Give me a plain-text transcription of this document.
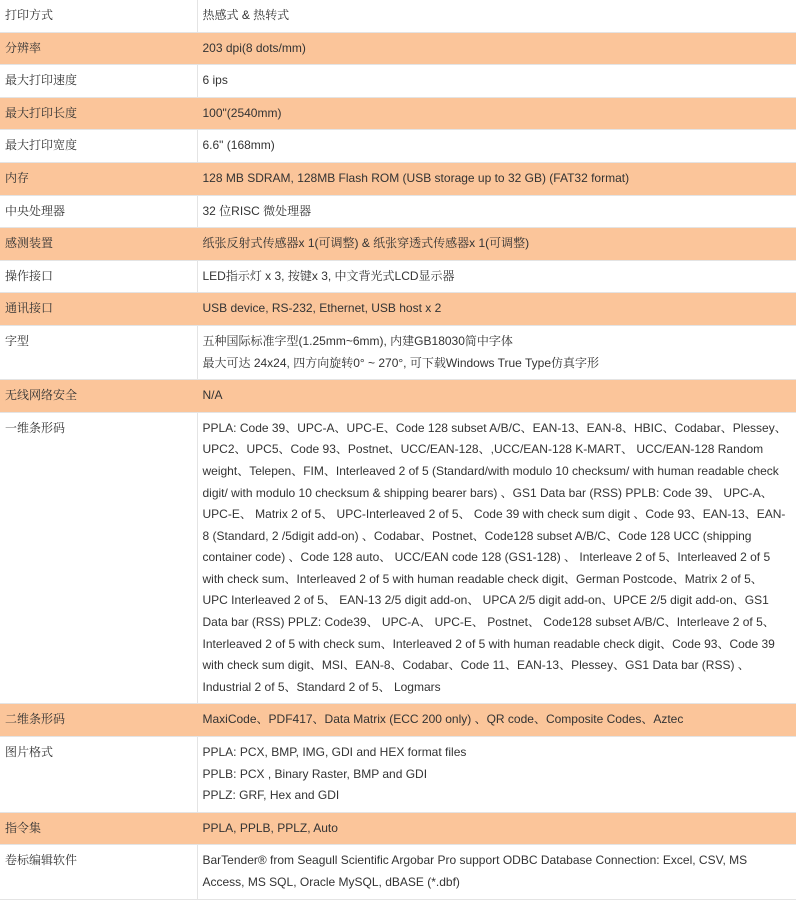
打印方式	热感式 & 热转式

分辨率	203 dpi(8 dots/mm)

最大打印速度	6 ips

最大打印长度	100"(2540mm)

最大打印宽度	6.6" (168mm)

内存	128 MB SDRAM, 128MB Flash ROM (USB storage up to 32 GB) (FAT32 format)

中央处理器	32 位RISC 微处理器

感测装置	纸张反射式传感器x 1(可调整) & 纸张穿透式传感器x 1(可调整)

操作接口	LED指示灯 x 3, 按键x 3, 中文背光式LCD显示器

通讯接口	USB device, RS-232, Ethernet, USB host x 2

字型	五种国际标准字型(1.25mm~6mm), 内建GB18030简中字体
最大可达 24x24, 四方向旋转0° ~ 270°, 可下载Windows True Type仿真字形

无线网络安全	N/A

一维条形码	PPLA: Code 39、UPC-A、UPC-E、Code 128 subset A/B/C、EAN-13、EAN-8、HBIC、Codabar、Plessey、UPC2、UPC5、Code 93、Postnet、UCC/EAN-128、,UCC/EAN-128 K-MART、 UCC/EAN-128 Random weight、Telepen、FIM、Interleaved 2 of 5 (Standard/with modulo 10 checksum/ with human readable check digit/ with modulo 10 checksum & shipping bearer bars) 、GS1 Data bar (RSS) PPLB: Code 39、 UPC-A、 UPC-E、 Matrix 2 of 5、 UPC-Interleaved 2 of 5、 Code 39 with check sum digit 、Code 93、EAN-13、EAN-8 (Standard, 2 /5digit add-on) 、Codabar、Postnet、Code128 subset A/B/C、Code 128 UCC (shipping container code) 、Code 128 auto、 UCC/EAN code 128 (GS1-128) 、 Interleave 2 of 5、Interleaved 2 of 5 with check sum、Interleaved 2 of 5 with human readable check digit、German Postcode、Matrix 2 of 5、 UPC Interleaved 2 of 5、 EAN-13 2/5 digit add-on、 UPCA 2/5 digit add-on、UPCE 2/5 digit add-on、GS1 Data bar (RSS) PPLZ: Code39、 UPC-A、 UPC-E、 Postnet、 Code128 subset A/B/C、Interleave 2 of 5、Interleaved 2 of 5 with check sum、Interleaved 2 of 5 with human readable check digit、Code 93、Code 39 with check sum digit、MSI、EAN-8、Codabar、Code 11、EAN-13、Plessey、GS1 Data bar (RSS) 、 Industrial 2 of 5、Standard 2 of 5、 Logmars

二维条形码	MaxiCode、PDF417、Data Matrix (ECC 200 only) 、QR code、Composite Codes、Aztec

图片格式	PPLA: PCX, BMP, IMG, GDI and HEX format files
PPLB: PCX , Binary Raster, BMP and GDI
PPLZ: GRF, Hex and GDI

指令集	PPLA, PPLB, PPLZ, Auto

卷标编辑软件	BarTender® from Seagull Scientific Argobar Pro support ODBC Database Connection: Excel, CSV, MS Access, MS SQL, Oracle MySQL, dBASE (*.dbf)
